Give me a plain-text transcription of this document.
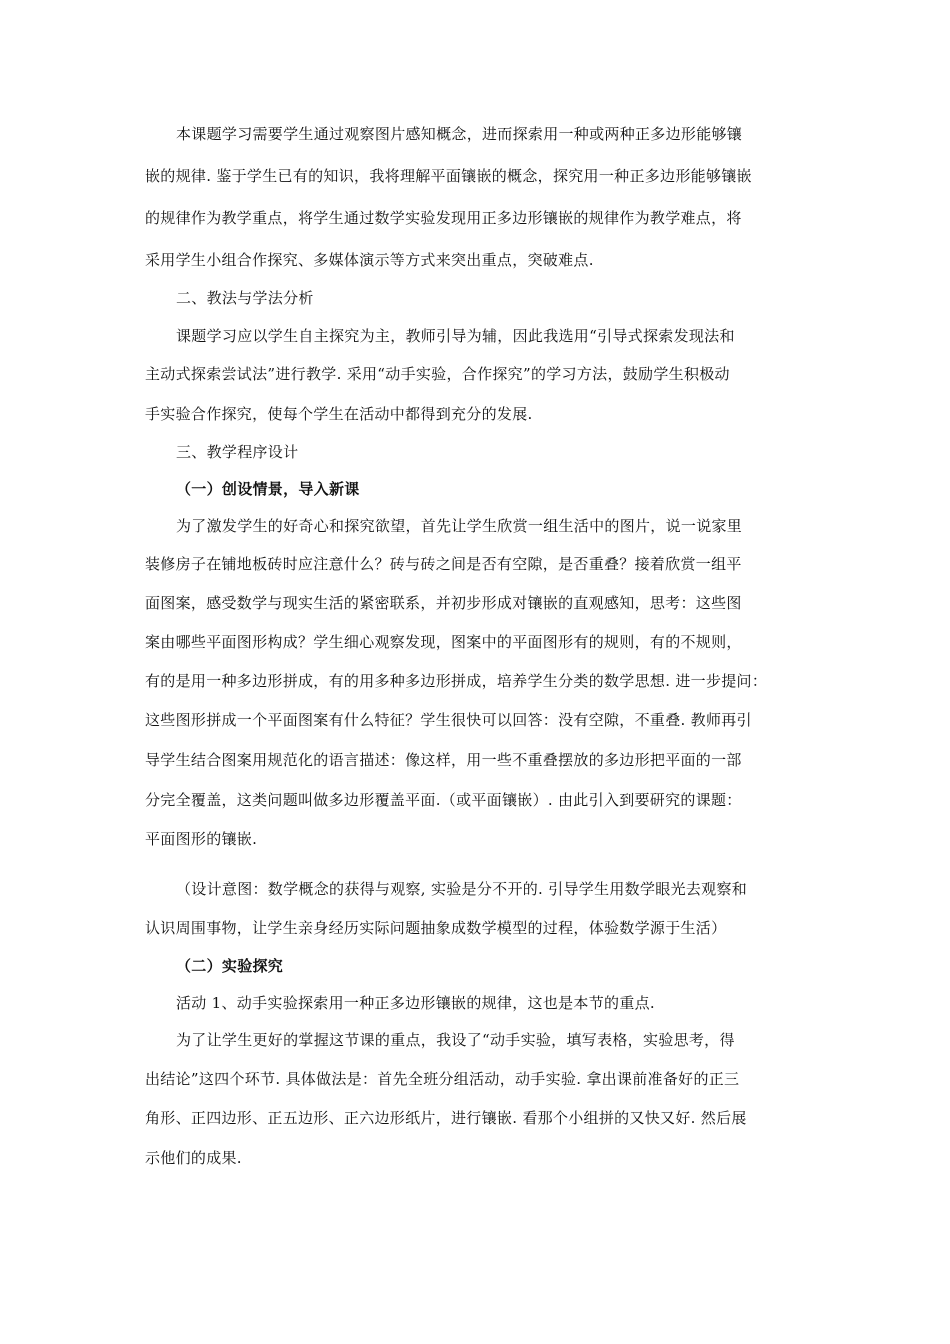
本课题学习需要学生通过观察图片感知概念，进而探索用一种或两种正多边形能够镶
嵌的规律. 鉴于学生已有的知识，我将理解平面镶嵌的概念，探究用一种正多边形能够镶嵌
的规律作为教学重点，将学生通过数学实验发现用正多边形镶嵌的规律作为教学难点，将
采用学生小组合作探究、多媒体演示等方式来突出重点，突破难点.
二、教法与学法分析
课题学习应以学生自主探究为主，教师引导为辅，因此我选用“引导式探索发现法和
主动式探索尝试法”进行教学. 采用“动手实验，合作探究”的学习方法，鼓励学生积极动
手实验合作探究，使每个学生在活动中都得到充分的发展.
三、教学程序设计
（一）创设情景，导入新课
为了激发学生的好奇心和探究欲望，首先让学生欣赏一组生活中的图片，说一说家里
装修房子在铺地板砖时应注意什么？砖与砖之间是否有空隙，是否重叠？接着欣赏一组平
面图案，感受数学与现实生活的紧密联系，并初步形成对镶嵌的直观感知，思考：这些图
案由哪些平面图形构成？学生细心观察发现，图案中的平面图形有的规则，有的不规则，
有的是用一种多边形拼成，有的用多种多边形拼成，培养学生分类的数学思想. 进一步提问：
这些图形拼成一个平面图案有什么特征？学生很快可以回答：没有空隙，不重叠. 教师再引
导学生结合图案用规范化的语言描述：像这样，用一些不重叠摆放的多边形把平面的一部
分完全覆盖，这类问题叫做多边形覆盖平面.（或平面镶嵌）. 由此引入到要研究的课题：
平面图形的镶嵌.
（设计意图：数学概念的获得与观察, 实验是分不开的. 引导学生用数学眼光去观察和
认识周围事物，让学生亲身经历实际问题抽象成数学模型的过程，体验数学源于生活）
（二）实验探究
活动 1、动手实验探索用一种正多边形镶嵌的规律，这也是本节的重点.
为了让学生更好的掌握这节课的重点，我设了“动手实验，填写表格，实验思考，得
出结论”这四个环节. 具体做法是：首先全班分组活动，动手实验. 拿出课前准备好的正三
角形、正四边形、正五边形、正六边形纸片，进行镶嵌. 看那个小组拼的又快又好. 然后展
示他们的成果.
